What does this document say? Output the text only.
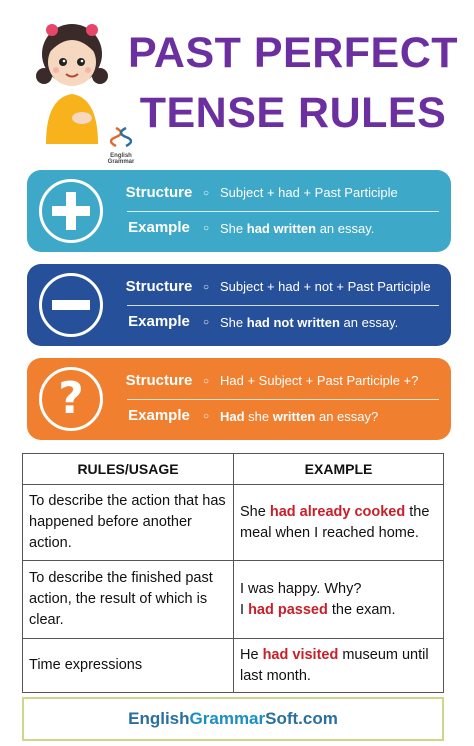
English Grammar
PAST PERFECT
TENSE RULES
Structure	○ Subject + had + Past Participle
Example	○ She had written an essay.
Structure	○ Subject + had + not + Past Participle
Example	○ She had not written an essay.
?	Structure	○ Had + Subject + Past Participle +?
Example	○ Had she written an essay?
RULES/USAGE	EXAMPLE
To describe the action that has happened before another action.	She had already cooked the meal when I reached home.
To describe the finished past action, the result of which is clear.	I was happy. Why?
I had passed the exam.
Time expressions	He had visited museum until last month.
EnglishGrammarSoft.com
